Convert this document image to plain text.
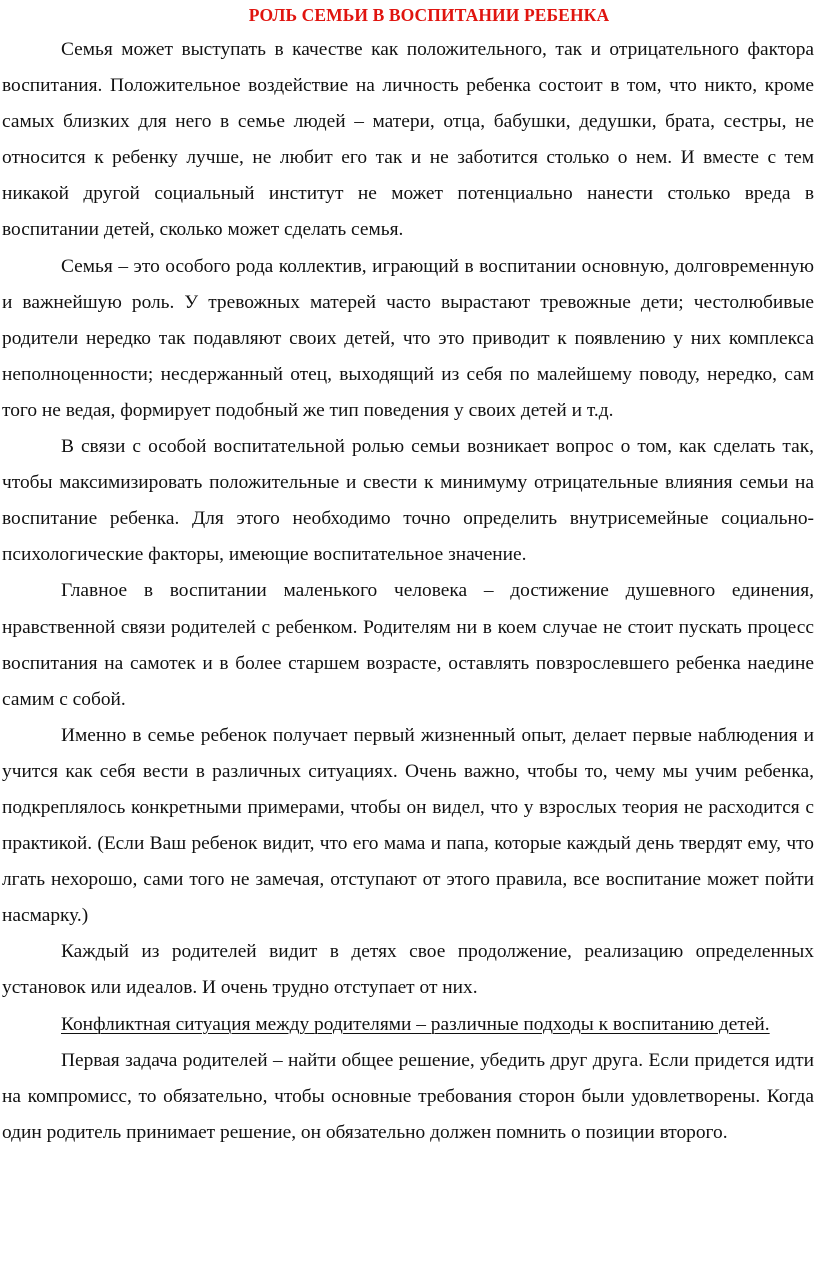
РОЛЬ СЕМЬИ В ВОСПИТАНИИ РЕБЕНКА

Семья может выступать в качестве как положительного, так и отрицательного фактора воспитания. Положительное воздействие на личность ребенка состоит в том, что никто, кроме самых близких для него в семье людей – матери, отца, бабушки, дедушки, брата, сестры, не относится к ребенку лучше, не любит его так и не заботится столько о нем. И вместе с тем никакой другой социальный институт не может потенциально нанести столько вреда в воспитании детей, сколько может сделать семья.

Семья – это особого рода коллектив, играющий в воспитании основную, долговременную и важнейшую роль. У тревожных матерей часто вырастают тревожные дети; честолюбивые родители нередко так подавляют своих детей, что это приводит к появлению у них комплекса неполноценности; несдержанный отец, выходящий из себя по малейшему поводу, нередко, сам того не ведая, формирует подобный же тип поведения у своих детей и т.д.

В связи с особой воспитательной ролью семьи возникает вопрос о том, как сделать так, чтобы максимизировать положительные и свести к минимуму отрицательные влияния семьи на воспитание ребенка. Для этого необходимо точно определить внутрисемейные социально-психологические факторы, имеющие воспитательное значение.

Главное в воспитании маленького человека – достижение душевного единения, нравственной связи родителей с ребенком. Родителям ни в коем случае не стоит пускать процесс воспитания на самотек и в более старшем возрасте, оставлять повзрослевшего ребенка наедине самим с собой.

Именно в семье ребенок получает первый жизненный опыт, делает первые наблюдения и учится как себя вести в различных ситуациях. Очень важно, чтобы то, чему мы учим ребенка, подкреплялось конкретными примерами, чтобы он видел, что у взрослых теория не расходится с практикой. (Если Ваш ребенок видит, что его мама и папа, которые каждый день твердят ему, что лгать нехорошо, сами того не замечая, отступают от этого правила, все воспитание может пойти насмарку.)

Каждый из родителей видит в детях свое продолжение, реализацию определенных установок или идеалов. И очень трудно отступает от них.

Конфликтная ситуация между родителями – различные подходы к воспитанию детей.

Первая задача родителей – найти общее решение, убедить друг друга. Если придется идти на компромисс, то обязательно, чтобы основные требования сторон были удовлетворены. Когда один родитель принимает решение, он обязательно должен помнить о позиции второго.
